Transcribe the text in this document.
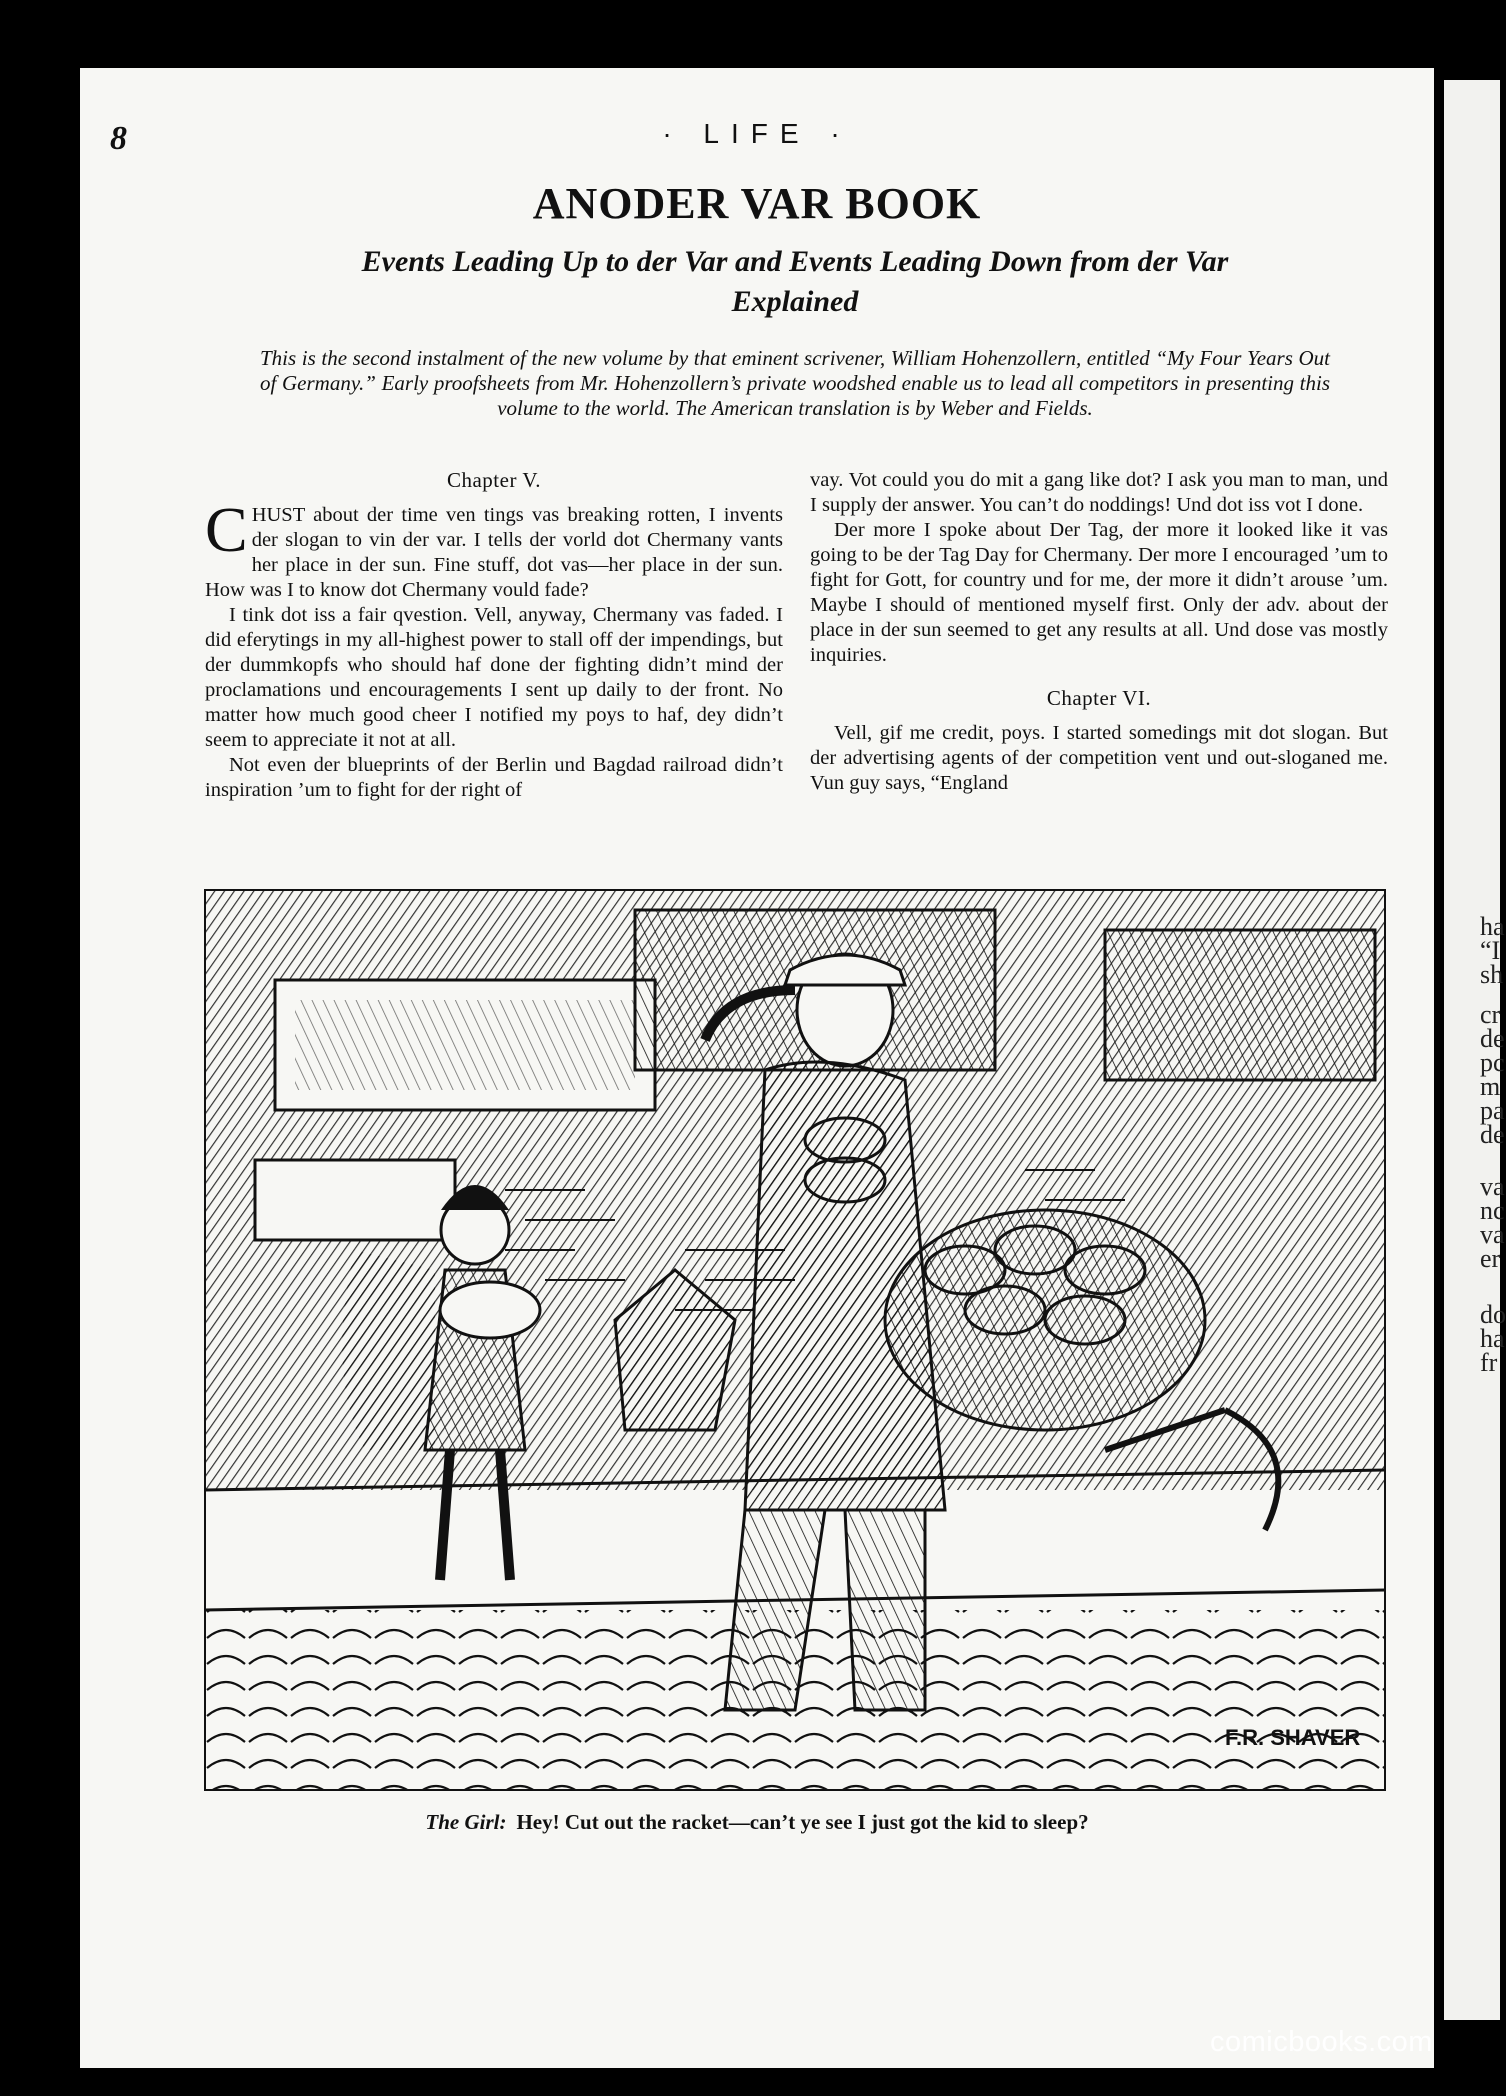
ha
“I
sh
cr
de
pc
m
pa
de
va
nc
va
er
do
ha
fr
8	· LIFE ·
ANODER VAR BOOK
Events Leading Up to der Var and Events Leading Down from der Var Explained
This is the second instalment of the new volume by that eminent scrivener, William Hohenzollern, entitled “My Four Years Out of Germany.” Early proofsheets from Mr. Hohenzollern’s private woodshed enable us to lead all competitors in presenting this volume to the world. The American translation is by Weber and Fields.
Chapter V.

CHUST about der time ven tings vas breaking rotten, I invents der slogan to vin der var. I tells der vorld dot Chermany vants her place in der sun. Fine stuff, dot vas—her place in der sun. How was I to know dot Chermany vould fade?

I tink dot iss a fair qvestion. Vell, anyway, Chermany vas faded. I did eferytings in my all-highest power to stall off der impendings, but der dummkopfs who should haf done der fighting didn’t mind der proclamations und encouragements I sent up daily to der front. No matter how much good cheer I notified my poys to haf, dey didn’t seem to appreciate it not at all.

Not even der blueprints of der Berlin und Bagdad railroad didn’t inspiration ’um to fight for der right of

vay. Vot could you do mit a gang like dot? I ask you man to man, und I supply der answer. You can’t do noddings! Und dot iss vot I done.

Der more I spoke about Der Tag, der more it looked like it vas going to be der Tag Day for Chermany. Der more I encouraged ’um to fight for Gott, for country und for me, der more it didn’t arouse ’um. Maybe I should of mentioned myself first. Only der adv. about der place in der sun seemed to get any results at all. Und dose vas mostly inquiries.

Chapter VI.

Vell, gif me credit, poys. I started somedings mit dot slogan. But der advertising agents of der competition vent und out-sloganed me. Vun guy says, “England

F.R. SHAVER
The Girl: Hey! Cut out the racket—can’t ye see I just got the kid to sleep?
comicbooks.com
